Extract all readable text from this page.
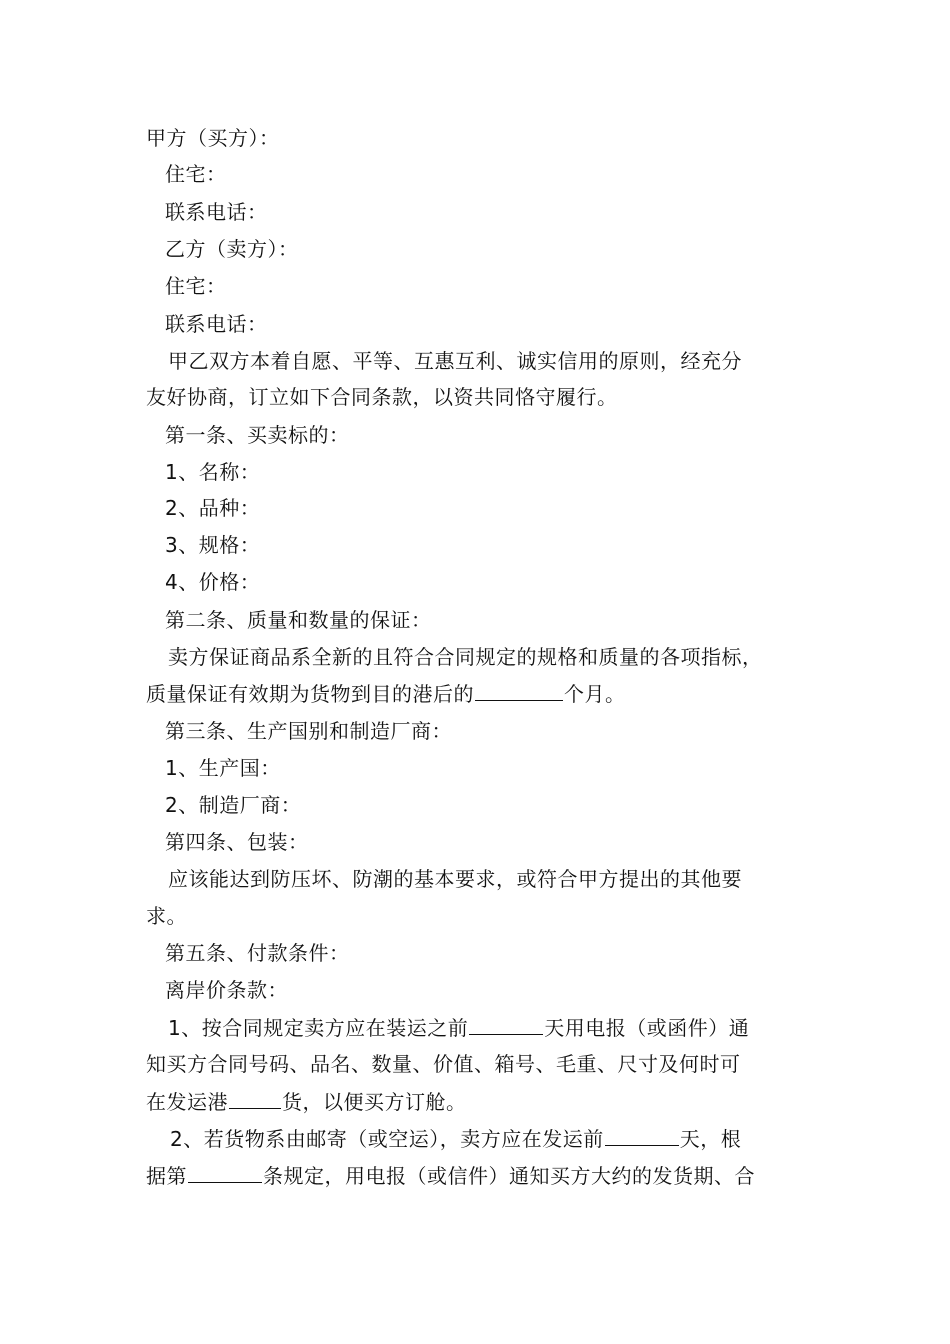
甲方（买方）：
住宅：
联系电话：
乙方（卖方）：
住宅：
联系电话：
甲乙双方本着自愿、平等、互惠互利、诚实信用的原则，经充分
友好协商，订立如下合同条款，以资共同恪守履行。
第一条、买卖标的：
1、名称：
2、品种：
3、规格：
4、价格：
第二条、质量和数量的保证：
卖方保证商品系全新的且符合合同规定的规格和质量的各项指标，
质量保证有效期为货物到目的港后的	个月。
第三条、生产国别和制造厂商：
1、生产国：
2、制造厂商：
第四条、包装：
应该能达到防压坏、防潮的基本要求，或符合甲方提出的其他要
求。
第五条、付款条件：
离岸价条款：
1、按合同规定卖方应在装运之前	天用电报（或函件）通
知买方合同号码、品名、数量、价值、箱号、毛重、尺寸及何时可
在发运港	货，以便买方订舱。
2、若货物系由邮寄（或空运），卖方应在发运前	天，根
据第	条规定，用电报（或信件）通知买方大约的发货期、合
